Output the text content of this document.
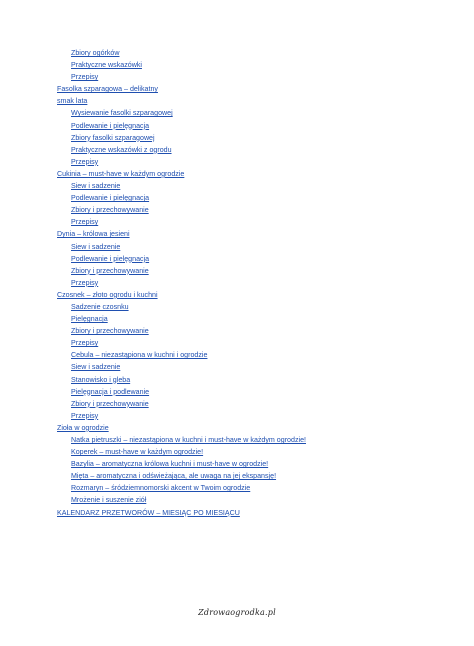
Zbiory ogórków
Praktyczne wskazówki
Przepisy
Fasolka szparagowa – delikatny smak lata
Wysiewanie fasolki szparagowej
Podlewanie i pielęgnacja
Zbiory fasolki szparagowej
Praktyczne wskazówki z ogrodu
Przepisy
Cukinia – must-have w każdym ogrodzie
Siew i sadzenie
Podlewanie i pielęgnacja
Zbiory i przechowywanie
Przepisy
Dynia – królowa jesieni
Siew i sadzenie
Podlewanie i pielęgnacja
Zbiory i przechowywanie
Przepisy
Czosnek – złoto ogrodu i kuchni
Sadzenie czosnku
Pielęgnacja
Zbiory i przechowywanie
Przepisy
Cebula – niezastąpiona w kuchni i ogrodzie
Siew i sadzenie
Stanowisko i gleba
Pielęgnacja i podlewanie
Zbiory i przechowywanie
Przepisy
Zioła w ogrodzie
Natka pietruszki – niezastąpiona w kuchni i must-have w każdym ogrodzie!
Koperek – must-have w każdym ogrodzie!
Bazylia – aromatyczna królowa kuchni i must-have w ogrodzie!
Mięta – aromatyczna i odświeżająca, ale uwaga na jej ekspansję!
Rozmaryn – śródziemnomorski akcent w Twoim ogrodzie
Mrożenie i suszenie ziół
KALENDARZ PRZETWORÓW – MIESIĄC PO MIESIĄCU
Zdrowaogrodka.pl
